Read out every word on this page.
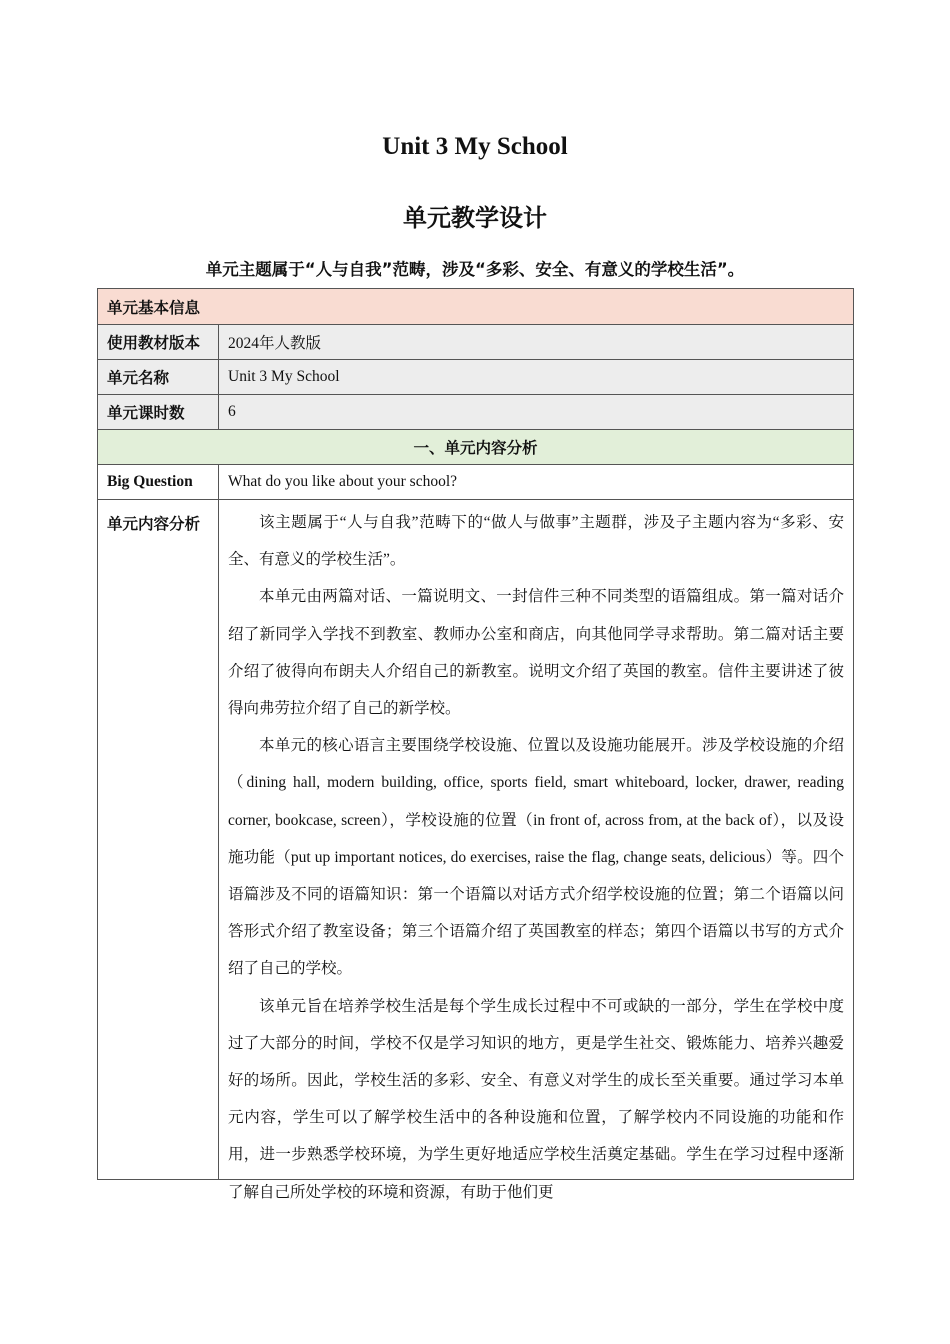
Unit 3 My School
单元教学设计
单元主题属于“人与自我”范畴，涉及“多彩、安全、有意义的学校生活”。
单元基本信息	
使用教材版本	2024年人教版
单元名称	Unit 3 My School
单元课时数	6
一、单元内容分析	
Big Question	What do you like about your school?
单元内容分析	该主题属于“人与自我”范畴下的“做人与做事”主题群，涉及子主题内容为“多彩、安全、有意义的学校生活”。

本单元由两篇对话、一篇说明文、一封信件三种不同类型的语篇组成。第一篇对话介绍了新同学入学找不到教室、教师办公室和商店，向其他同学寻求帮助。第二篇对话主要介绍了彼得向布朗夫人介绍自己的新教室。说明文介绍了英国的教室。信件主要讲述了彼得向弗劳拉介绍了自己的新学校。

本单元的核心语言主要围绕学校设施、位置以及设施功能展开。涉及学校设施的介绍（dining hall, modern building, office, sports field, smart whiteboard, locker, drawer, reading corner, bookcase, screen），学校设施的位置（in front of, across from, at the back of），以及设施功能（put up important notices, do exercises, raise the flag, change seats, delicious）等。四个语篇涉及不同的语篇知识：第一个语篇以对话方式介绍学校设施的位置；第二个语篇以问答形式介绍了教室设备；第三个语篇介绍了英国教室的样态；第四个语篇以书写的方式介绍了自己的学校。

该单元旨在培养学校生活是每个学生成长过程中不可或缺的一部分，学生在学校中度过了大部分的时间，学校不仅是学习知识的地方，更是学生社交、锻炼能力、培养兴趣爱好的场所。因此，学校生活的多彩、安全、有意义对学生的成长至关重要。通过学习本单元内容，学生可以了解学校生活中的各种设施和位置，了解学校内不同设施的功能和作用，进一步熟悉学校环境，为学生更好地适应学校生活奠定基础。学生在学习过程中逐渐了解自己所处学校的环境和资源，有助于他们更
